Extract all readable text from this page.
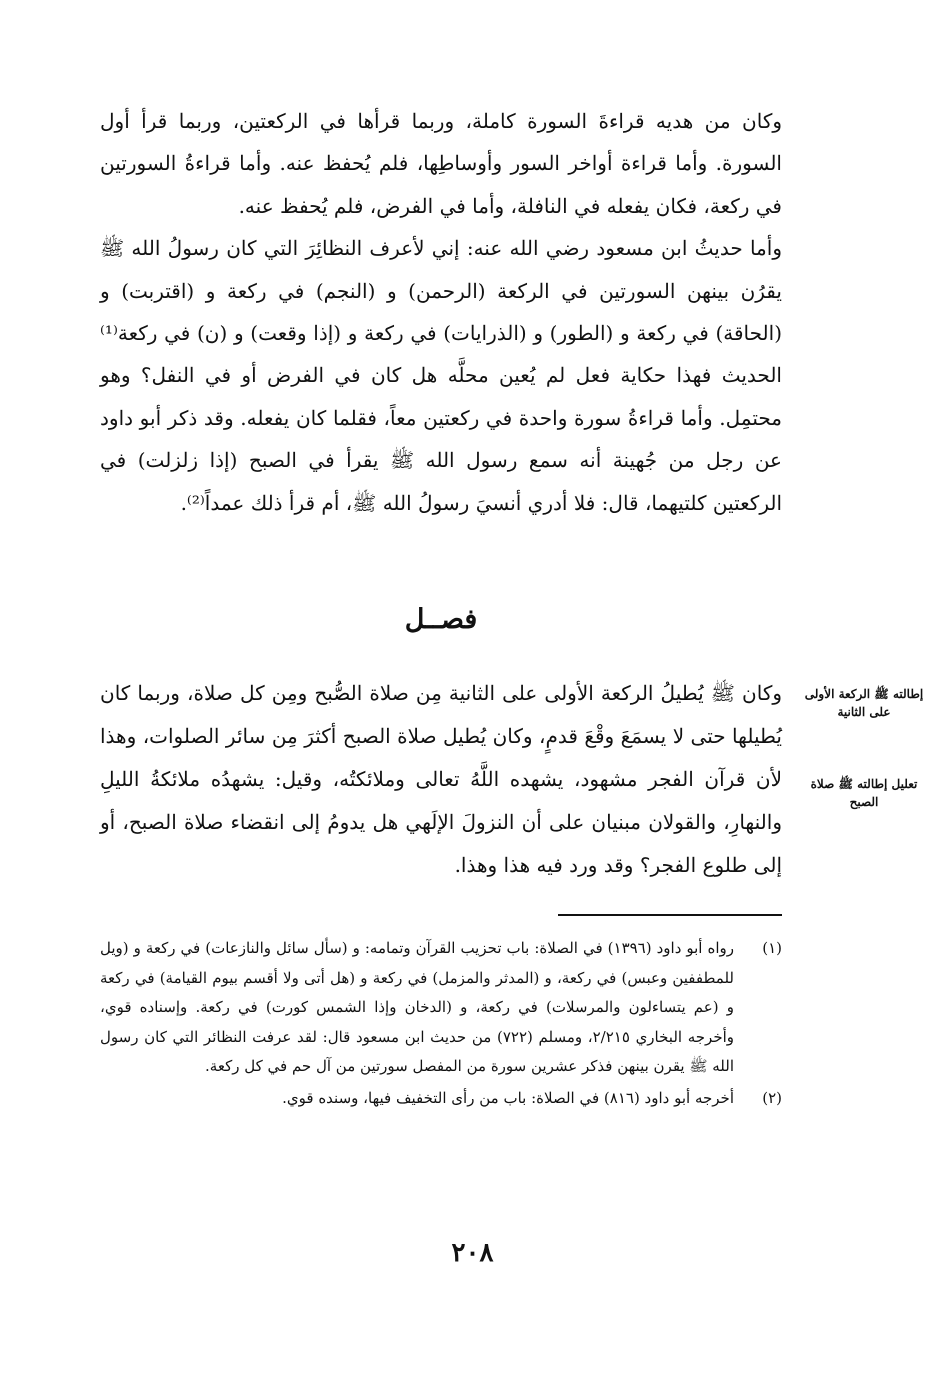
وكان من هديه قراءةَ السورة كاملة، وربما قرأها في الركعتين، وربما قرأ أول السورة. وأما قراءة أواخر السور وأوساطِها، فلم يُحفظ عنه. وأما قراءةُ السورتين في ركعة، فكان يفعله في النافلة، وأما في الفرض، فلم يُحفظ عنه.

وأما حديثُ ابن مسعود رضي الله عنه: إني لأعرف النظائِرَ التي كان رسولُ الله ﷺ يقرُن بينهن السورتين في الركعة (الرحمن) و (النجم) في ركعة و (اقتربت) و (الحاقة) في ركعة و (الطور) و (الذرايات) في ركعة و (إذا وقعت) و (ن) في ركعة⁽¹⁾ الحديث فهذا حكاية فعل لم يُعين محلَّه هل كان في الفرض أو في النفل؟ وهو محتمِل. وأما قراءةُ سورة واحدة في ركعتين معاً، فقلما كان يفعله. وقد ذكر أبو داود عن رجل من جُهينة أنه سمع رسول الله ﷺ يقرأ في الصبح (إذا زلزلت) في الركعتين كلتيهما، قال: فلا أدري أنسيَ رسولُ الله ﷺ، أم قرأ ذلك عمداً⁽²⁾.

فصــل
وكان ﷺ يُطيلُ الركعة الأولى على الثانية مِن صلاة الصُّبح ومِن كل صلاة، وربما كان يُطيلها حتى لا يسمَعَ وقْعَ قدمٍ، وكان يُطيل صلاة الصبح أكثرَ مِن سائر الصلوات، وهذا لأن قرآن الفجر مشهود، يشهده اللَّهُ تعالى وملائكتُه، وقيل: يشهدُه ملائكةُ الليلِ والنهارِ، والقولان مبنيان على أن النزولَ الإلَهي هل يدومُ إلى انقضاء صلاة الصبح، أو إلى طلوع الفجر؟ وقد ورد فيه هذا وهذا.
إطالته ﷺ الركعة الأولى على الثانية
تعليل إطالته ﷺ صلاة الصبح
(١)
رواه أبو داود (١٣٩٦) في الصلاة: باب تحزيب القرآن وتمامه: و (سأل سائل والنازعات) في ركعة و (ويل للمطففين وعبس) في ركعة، و (المدثر والمزمل) في ركعة و (هل أتى ولا أقسم بيوم القيامة) في ركعة و (عم يتساءلون والمرسلات) في ركعة، و (الدخان وإذا الشمس كورت) في ركعة. وإسناده قوي، وأخرجه البخاري ٢/٢١٥، ومسلم (٧٢٢) من حديث ابن مسعود قال: لقد عرفت النظائر التي كان رسول الله ﷺ يقرن بينهن فذكر عشرين سورة من المفصل سورتين من آل حم في كل ركعة.
(٢)
أخرجه أبو داود (٨١٦) في الصلاة: باب من رأى التخفيف فيها، وسنده قوي.
٢٠٨
